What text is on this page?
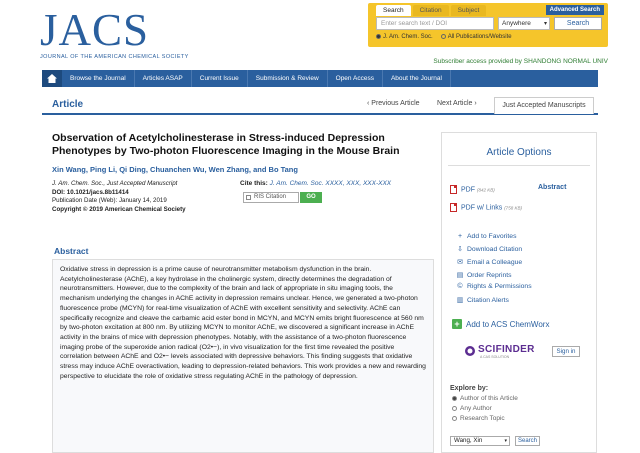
JACS
JOURNAL OF THE AMERICAN CHEMICAL SOCIETY
Search	Citation	Subject	Advanced Search
Enter search text / DOI	Anywhere ▾	Search
J. Am. Chem. Soc.	All Publications/Website
Subscriber access provided by SHANDONG NORMAL UNIV
Browse the Journal	Articles ASAP	Current Issue	Submission & Review	Open Access	About the Journal
Article	‹ Previous Article Next Article ›	Just Accepted Manuscripts
Observation of Acetylcholinesterase in Stress-induced Depression Phenotypes by Two-photon Fluorescence Imaging in the Mouse Brain
Xin Wang, Ping Li, Qi Ding, Chuanchen Wu, Wen Zhang, and Bo Tang
J. Am. Chem. Soc., Just Accepted Manuscript
DOI: 10.1021/jacs.8b11414
Publication Date (Web): January 14, 2019
Copyright © 2019 American Chemical Society
Cite this: J. Am. Chem. Soc. XXXX, XXX, XXX-XXX
RIS Citation	GO
Abstract
Oxidative stress in depression is a prime cause of neurotransmitter metabolism dysfunction in the brain. Acetylcholinesterase (AChE), a key hydrolase in the cholinergic system, directly determines the degradation of neurotransmitters. However, due to the complexity of the brain and lack of appropriate in situ imaging tools, the mechanism underlying the changes in AChE activity in depression remains unclear. Hence, we generated a two-photon fluorescence probe (MCYN) for real-time visualization of AChE with excellent sensitivity and selectivity. AChE can specifically recognize and cleave the carbamic acid ester bond in MCYN, and MCYN emits bright fluorescence at 560 nm by two-photon excitation at 800 nm. By utilizing MCYN to monitor AChE, we discovered a significant increase in AChE activity in the brains of mice with depression phenotypes. Notably, with the assistance of a two-photon fluorescence imaging probe of the superoxide anion radical (O2•−), in vivo visualization for the first time revealed the positive correlation between AChE and O2•− levels associated with depressive behaviors. This finding suggests that oxidative stress may induce AChE overactivation, leading to depression-related behaviors. This work provides a new and rewarding perspective to elucidate the role of oxidative stress regulating AChE in the pathology of depression.
Article Options
PDF (842 KB)
PDF w/ Links (758 KB)
Abstract
+ Add to Favorites
⇩ Download Citation
✉ Email a Colleague
▤ Order Reprints
© Rights & Permissions
▥ Citation Alerts
+ Add to ACS ChemWorx
SCIFINDER
A CAS SOLUTION
Sign in
Explore by:
Author of this Article
Any Author
Research Topic
Wang, Xin	▾	Search
